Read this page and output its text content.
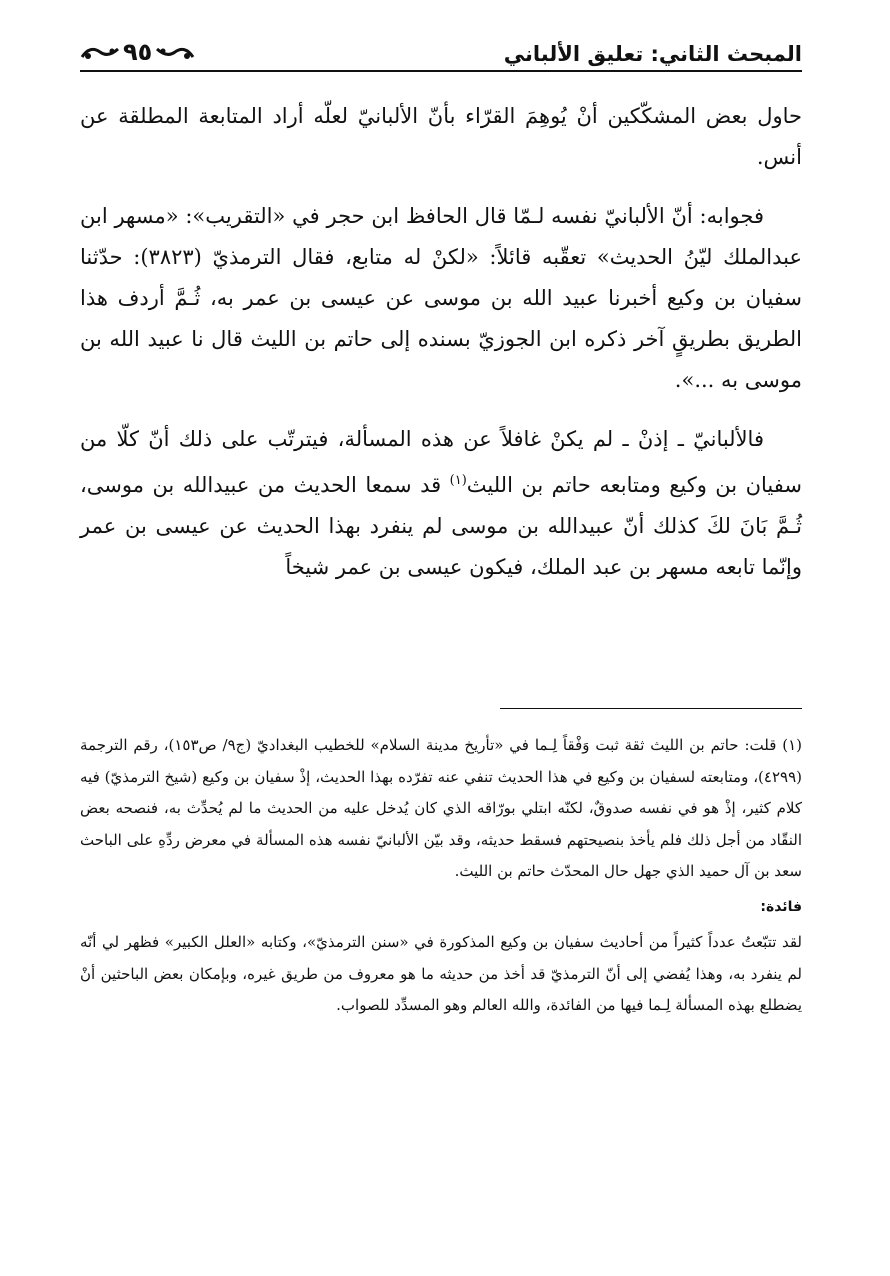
المبحث الثاني: تعليق الألباني
٩٥

حاول بعض المشكّكين أنْ يُوهِمَ القرّاء بأنّ الألبانيّ لعلّه أراد المتابعة المطلقة عن أنس.

فجوابه: أنّ الألبانيّ نفسه لـمّا قال الحافظ ابن حجر في «التقريب»: «مسهر ابن عبدالملك ليّنُ الحديث» تعقّبه قائلاً: «لكنْ له متابع، فقال الترمذيّ (٣٨٢٣): حدّثنا سفيان بن وكيع أخبرنا عبيد الله بن موسى عن عيسى بن عمر به، ثُـمَّ أردف هذا الطريق بطريقٍ آخر ذكره ابن الجوزيّ بسنده إلى حاتم بن الليث قال نا عبيد الله بن موسى به ...».

فالألبانيّ ـ إذنْ ـ لم يكنْ غافلاً عن هذه المسألة، فيترتّب على ذلك أنّ كلّا من سفيان بن وكيع ومتابعه حاتم بن الليث$^{(١)}$ قد سمعا الحديث من عبيدالله بن موسى، ثُـمَّ بَانَ لكَ كذلك أنّ عبيدالله بن موسى لم ينفرد بهذا الحديث عن عيسى بن عمر وإنّما تابعه مسهر بن عبد الملك، فيكون عيسى بن عمر شيخاً

(١) قلت: حاتم بن الليث ثقة ثبت وَفْقاً لِـما في «تأريخ مدينة السلام» للخطيب البغداديّ (ج٩/ ص١٥٣)، رقم الترجمة (٤٢٩٩)، ومتابعته لسفيان بن وكيع في هذا الحديث تنفي عنه تفرّده بهذا الحديث، إذْ سفيان بن وكيع (شيخ الترمذيّ) فيه كلام كثير، إذْ هو في نفسه صدوقٌ، لكنّه ابتلي بورّاقه الذي كان يُدخل عليه من الحديث ما لم يُحدِّث به، فنصحه بعض النقّاد من أجل ذلك فلم يأخذ بنصيحتهم فسقط حديثه، وقد بيّن الألبانيّ نفسه هذه المسألة في معرض ردِّهِ على الباحث سعد بن آل حميد الذي جهل حال المحدّث حاتم بن الليث.

فائدة:

لقد تتبّعتُ عدداً كثيراً من أحاديث سفيان بن وكيع المذكورة في «سنن الترمذيّ»، وكتابه «العلل الكبير» فظهر لي أنّه لم ينفرد به، وهذا يُفضي إلى أنّ الترمذيّ قد أخذ من حديثه ما هو معروف من طريق غيره، وبإمكان بعض الباحثين أنْ يضطلع بهذه المسألة لِـما فيها من الفائدة، والله العالم وهو المسدِّد للصواب.
